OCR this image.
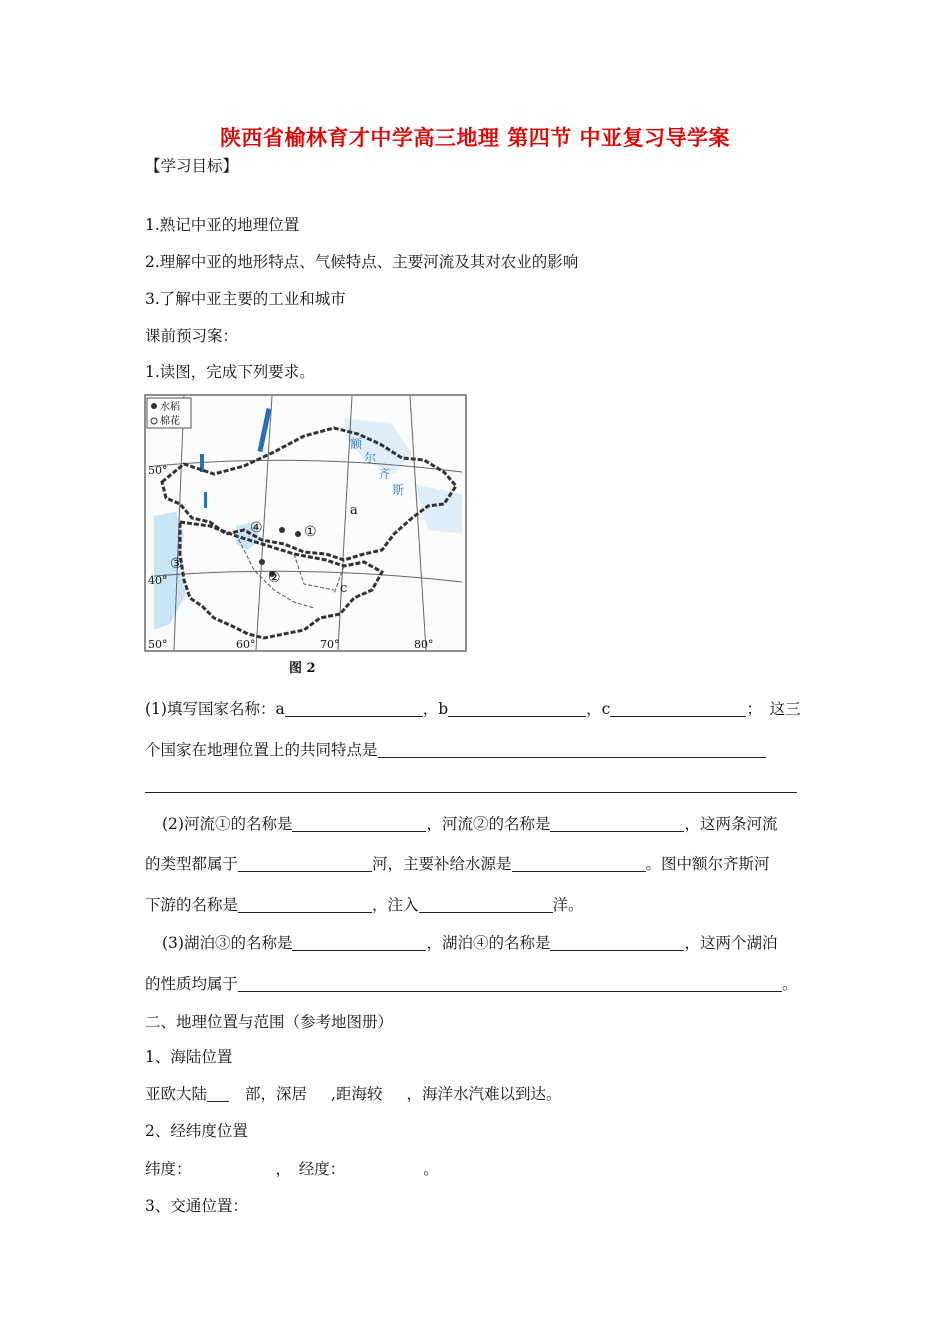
陕西省榆林育才中学高三地理 第四节 中亚复习导学案
【学习目标】
1.熟记中亚的地理位置
2.理解中亚的地形特点、气候特点、主要河流及其对农业的影响
3.了解中亚主要的工业和城市
课前预习案：
1.读图，完成下列要求。
水稻
棉花
50°
40°
50°	60°	70°	80°
额
尔
齐
斯
a
c
④	①
②
③
图 2
(1)填写国家名称：a	，b	，c	；　这三
个国家在地理位置上的共同特点是
(2)河流①的名称是	，河流②的名称是	，这两条河流
的类型都属于	河，主要补给水源是	。图中额尔齐斯河
下游的名称是	，注入	洋。
(3)湖泊③的名称是	，湖泊④的名称是	，这两个湖泊
的性质均属于	。
二、地理位置与范围（参考地图册）
1、海陆位置
亚欧大陆 部，深居 ,距海较 ，海洋水汽难以到达。
2、经纬度位置
纬度：	，　经度：	。
3、交通位置：
